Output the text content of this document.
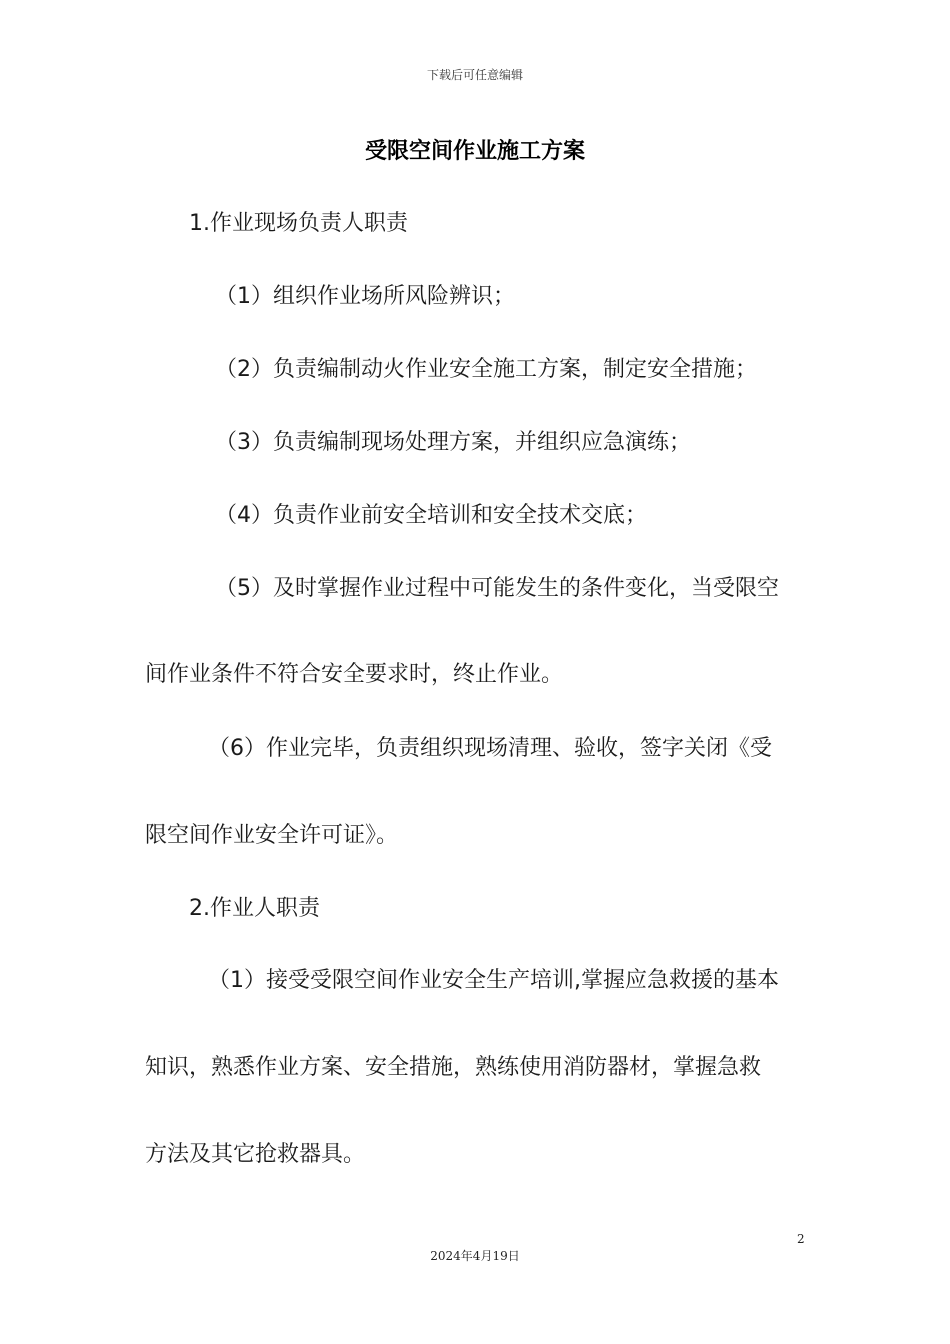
下载后可任意编辑
受限空间作业施工方案
1.作业现场负责人职责
（1）组织作业场所风险辨识；
（2）负责编制动火作业安全施工方案，制定安全措施；
（3）负责编制现场处理方案，并组织应急演练；
（4）负责作业前安全培训和安全技术交底；
（5）及时掌握作业过程中可能发生的条件变化，当受限空
间作业条件不符合安全要求时，终止作业。
（6）作业完毕，负责组织现场清理、验收，签字关闭《受
限空间作业安全许可证》。
2.作业人职责
（1）接受受限空间作业安全生产培训,掌握应急救援的基本
知识，熟悉作业方案、安全措施，熟练使用消防器材，掌握急救
方法及其它抢救器具。
2
2024年4月19日
